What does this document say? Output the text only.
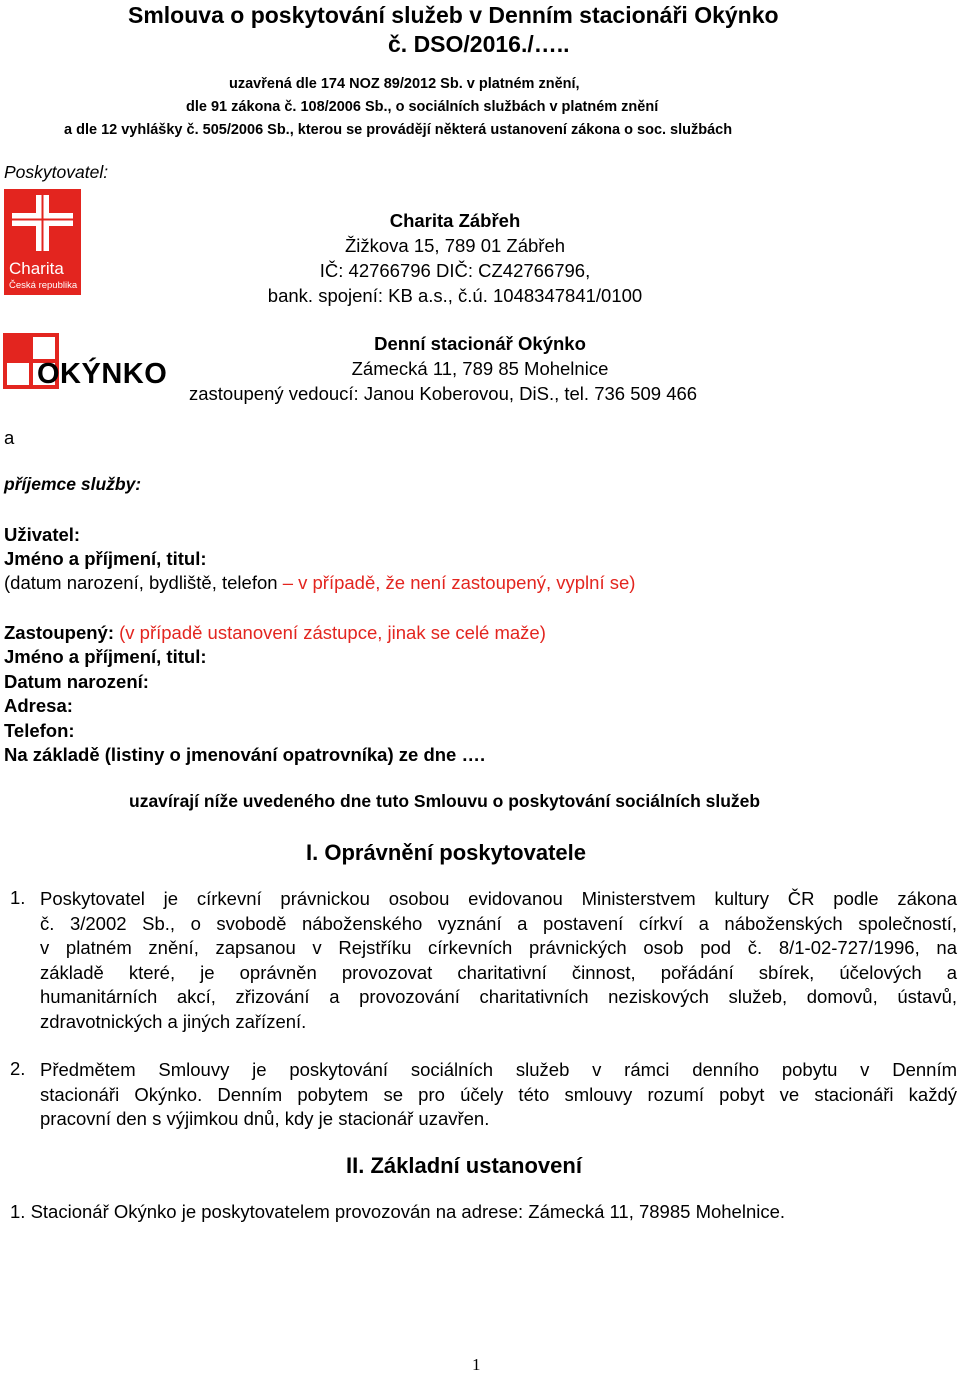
Smlouva o poskytování služeb v Denním stacionáři Okýnko
č. DSO/2016./…..
uzavřená dle 174 NOZ 89/2012 Sb. v platném znění,
dle 91 zákona č. 108/2006 Sb., o sociálních službách v platném znění
a dle 12 vyhlášky č. 505/2006 Sb., kterou se provádějí některá ustanovení zákona o soc. službách
Poskytovatel:
Charita
Česká republika
Charita Zábřeh
Žižkova 15, 789 01 Zábřeh
IČ: 42766796 DIČ: CZ42766796,
bank. spojení: KB a.s., č.ú. 1048347841/0100
OKÝNKO
Denní stacionář Okýnko
Zámecká 11, 789 85 Mohelnice
zastoupený vedoucí: Janou Koberovou, DiS., tel. 736 509 466
a
příjemce služby:
Uživatel:
Jméno a příjmení, titul:
(datum narození, bydliště, telefon – v případě, že není zastoupený, vyplní se)
Zastoupený: (v případě ustanovení zástupce, jinak se celé maže)
Jméno a příjmení, titul:
Datum narození:
Adresa:
Telefon:
Na základě (listiny o jmenování opatrovníka) ze dne ….
uzavírají níže uvedeného dne tuto Smlouvu o poskytování sociálních služeb
I. Oprávnění poskytovatele
1. Poskytovatel je církevní právnickou osobou evidovanou Ministerstvem kultury ČR podle zákona
č. 3/2002 Sb., o svobodě náboženského vyznání a postavení církví a náboženských společností,
v platném znění, zapsanou v Rejstříku církevních právnických osob pod č. 8/1-02-727/1996, na
základě které, je oprávněn provozovat charitativní činnost, pořádání sbírek, účelových a
humanitárních akcí, zřizování a provozování charitativních neziskových služeb, domovů, ústavů,
zdravotnických a jiných zařízení.
2. Předmětem Smlouvy je poskytování sociálních služeb v rámci denního pobytu v Denním
stacionáři Okýnko. Denním pobytem se pro účely této smlouvy rozumí pobyt ve stacionáři každý
pracovní den s výjimkou dnů, kdy je stacionář uzavřen.
II. Základní ustanovení
1. Stacionář Okýnko je poskytovatelem provozován na adrese: Zámecká 11, 78985 Mohelnice.
1
